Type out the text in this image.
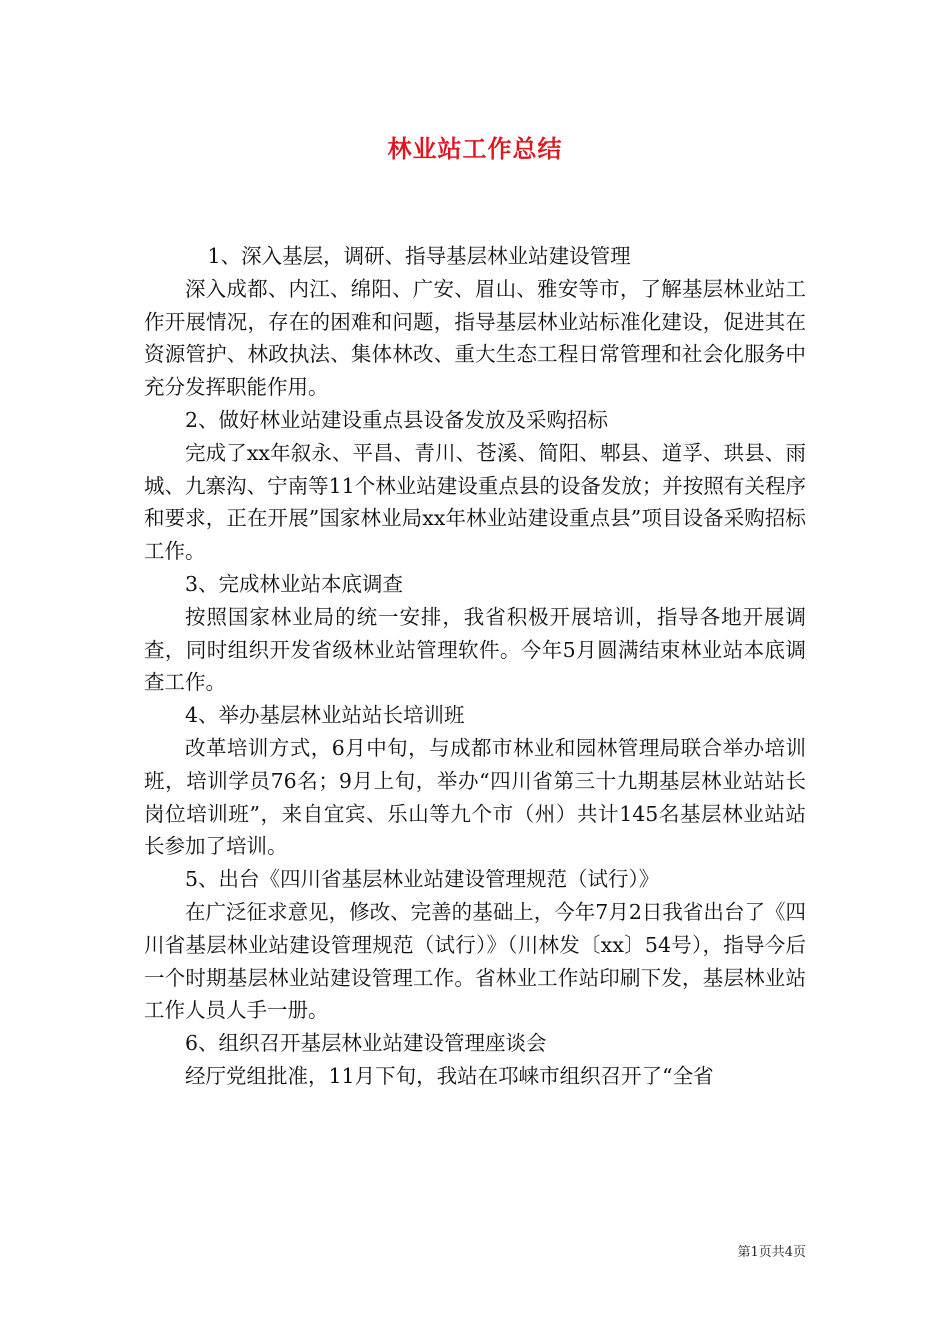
林业站工作总结

1、深入基层，调研、指导基层林业站建设管理

深入成都、内江、绵阳、广安、眉山、雅安等市，了解基层林业站工作开展情况，存在的困难和问题，指导基层林业站标准化建设，促进其在资源管护、林政执法、集体林改、重大生态工程日常管理和社会化服务中充分发挥职能作用。

2、做好林业站建设重点县设备发放及采购招标

完成了xx年叙永、平昌、青川、苍溪、简阳、郫县、道孚、珙县、雨城、九寨沟、宁南等11个林业站建设重点县的设备发放；并按照有关程序和要求，正在开展”国家林业局xx年林业站建设重点县”项目设备采购招标工作。

3、完成林业站本底调查

按照国家林业局的统一安排，我省积极开展培训，指导各地开展调查，同时组织开发省级林业站管理软件。今年5月圆满结束林业站本底调查工作。

4、举办基层林业站站长培训班

改革培训方式，6月中旬，与成都市林业和园林管理局联合举办培训班，培训学员76名；9月上旬，举办“四川省第三十九期基层林业站站长岗位培训班”，来自宜宾、乐山等九个市（州）共计145名基层林业站站长参加了培训。

5、出台《四川省基层林业站建设管理规范（试行）》

在广泛征求意见，修改、完善的基础上，今年7月2日我省出台了《四川省基层林业站建设管理规范（试行）》（川林发〔xx〕54号），指导今后一个时期基层林业站建设管理工作。省林业工作站印刷下发，基层林业站工作人员人手一册。

6、组织召开基层林业站建设管理座谈会

经厅党组批准，11月下旬，我站在邛崃市组织召开了“全省

第1页共4页
